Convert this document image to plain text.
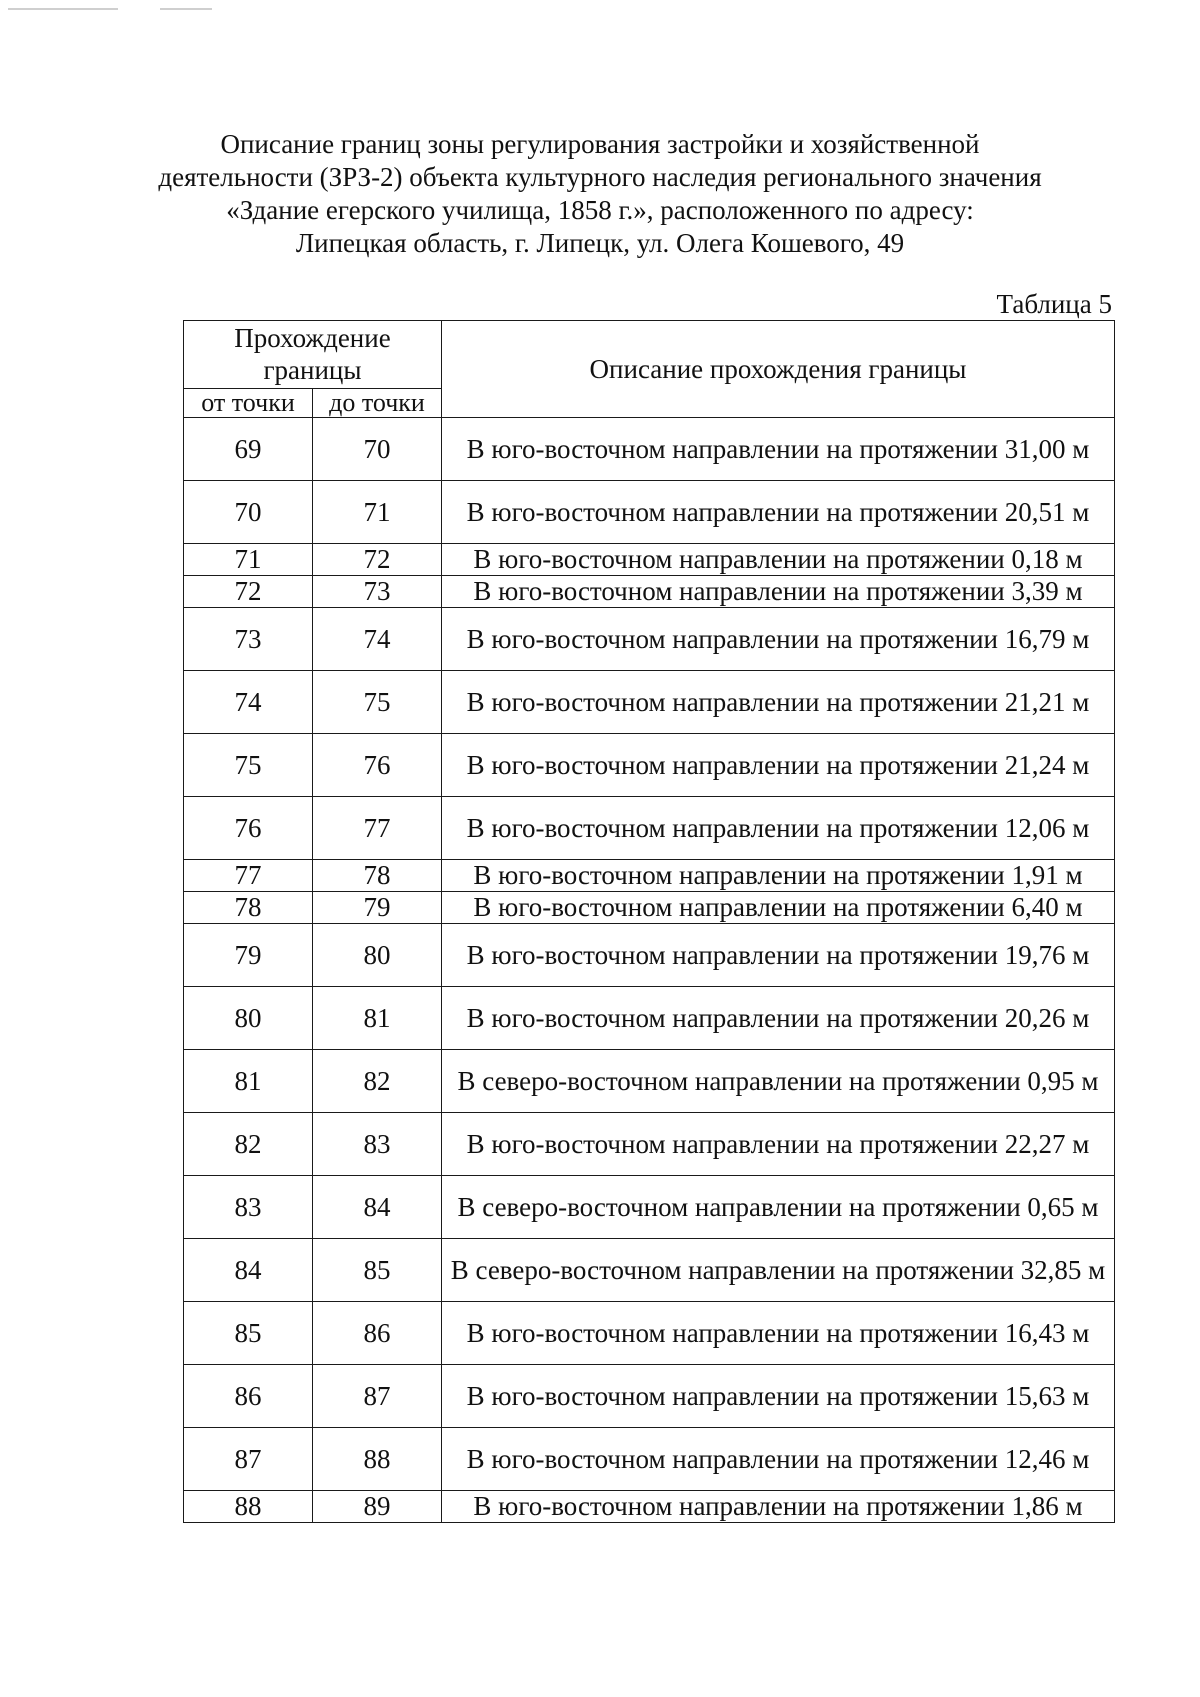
Описание границ зоны регулирования застройки и хозяйственной
деятельности (ЗРЗ-2) объекта культурного наследия регионального значения
«Здание егерского училища, 1858 г.», расположенного по адресу:
Липецкая область, г. Липецк, ул. Олега Кошевого, 49
Таблица 5
Прохождение границы		Описание прохождения границы
от точки	до точки	
69	70	В юго-восточном направлении на протяжении 31,00 м
70	71	В юго-восточном направлении на протяжении 20,51 м
71	72	В юго-восточном направлении на протяжении 0,18 м
72	73	В юго-восточном направлении на протяжении 3,39 м
73	74	В юго-восточном направлении на протяжении 16,79 м
74	75	В юго-восточном направлении на протяжении 21,21 м
75	76	В юго-восточном направлении на протяжении 21,24 м
76	77	В юго-восточном направлении на протяжении 12,06 м
77	78	В юго-восточном направлении на протяжении 1,91 м
78	79	В юго-восточном направлении на протяжении 6,40 м
79	80	В юго-восточном направлении на протяжении 19,76 м
80	81	В юго-восточном направлении на протяжении 20,26 м
81	82	В северо-восточном направлении на протяжении 0,95 м
82	83	В юго-восточном направлении на протяжении 22,27 м
83	84	В северо-восточном направлении на протяжении 0,65 м
84	85	В северо-восточном направлении на протяжении 32,85 м
85	86	В юго-восточном направлении на протяжении 16,43 м
86	87	В юго-восточном направлении на протяжении 15,63 м
87	88	В юго-восточном направлении на протяжении 12,46 м
88	89	В юго-восточном направлении на протяжении 1,86 м
